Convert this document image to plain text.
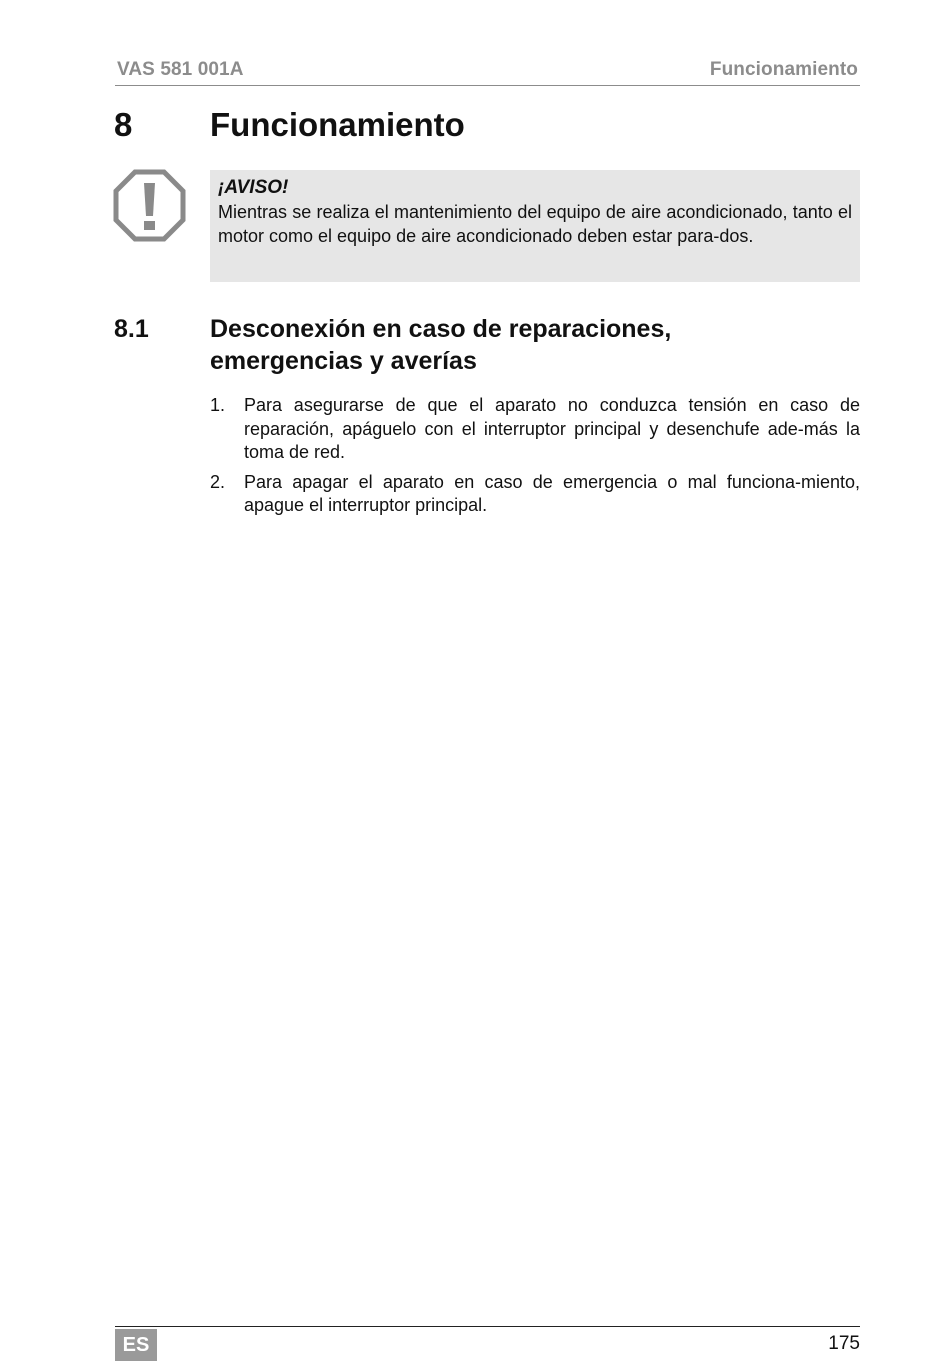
VAS 581 001A	Funcionamiento
8 Funcionamiento
¡AVISO!
Mientras se realiza el mantenimiento del equipo de aire acondicionado, tanto el motor como el equipo de aire acondicionado deben estar para-dos.
8.1 Desconexión en caso de reparaciones,
emergencias y averías
1. Para asegurarse de que el aparato no conduzca tensión en caso de reparación, apáguelo con el interruptor principal y desenchufe ade-más la toma de red.
2. Para apagar el aparato en caso de emergencia o mal funciona-miento, apague el interruptor principal.
ES	175
